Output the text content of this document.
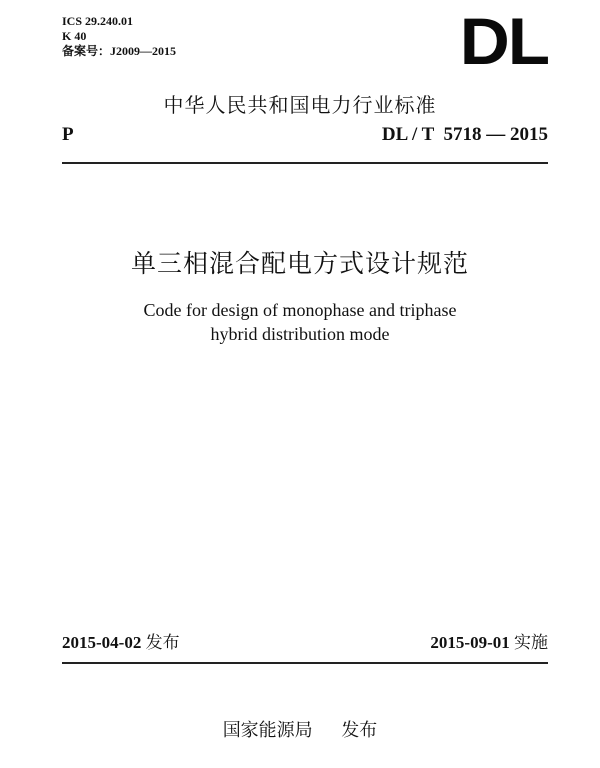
ICS 29.240.01
K 40
备案号：J2009—2015	DL
中华人民共和国电力行业标准
P	DL / T  5718 — 2015
单三相混合配电方式设计规范
Code for design of monophase and triphase
hybrid distribution mode
2015-04-02 发布	2015-09-01 实施
国家能源局 发布
